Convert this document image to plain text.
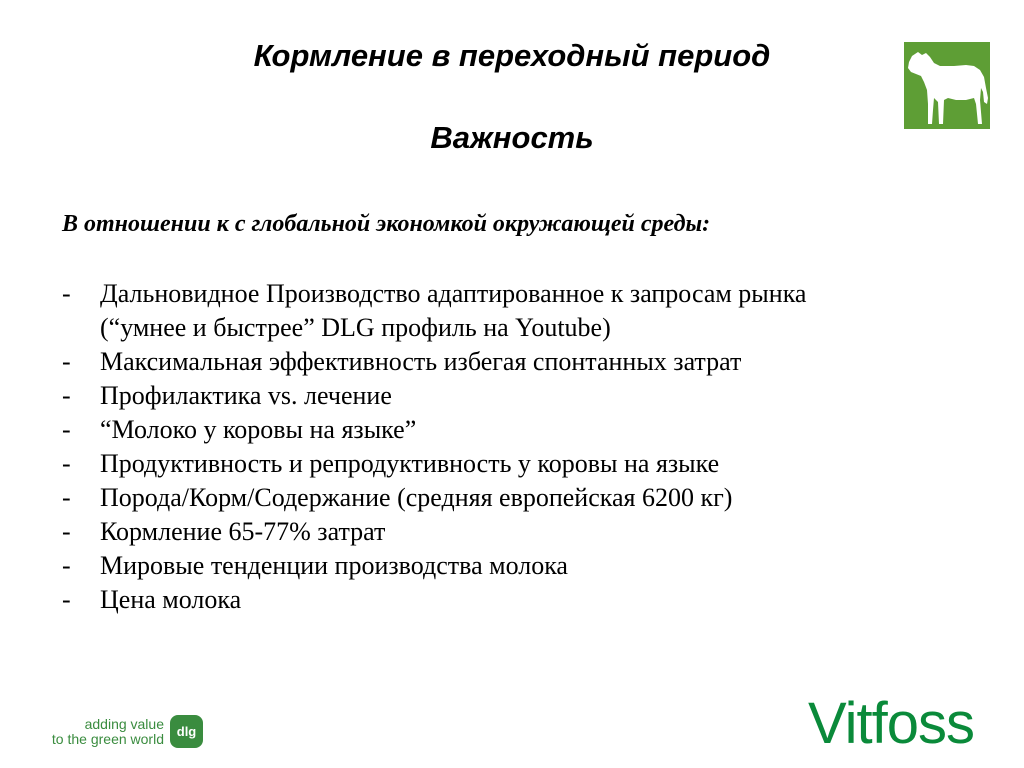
Кормление в переходный период
Важность
В отношении к с глобальной экономкой окружающей среды:
- Дальновидное Производство адаптированное к запросам рынка
(“умнее и быстрее” DLG профиль на Youtube)
- Максимальная эффективность избегая спонтанных затрат
- Профилактика vs. лечение
- “Молоко у коровы на языке”
- Продуктивность и репродуктивность у коровы на языке
- Порода/Корм/Содержание (средняя европейская 6200 кг)
- Кормление 65-77% затрат
- Мировые тенденции производства молока
- Цена молока
adding value
to the green world dlg	Vitfoss
